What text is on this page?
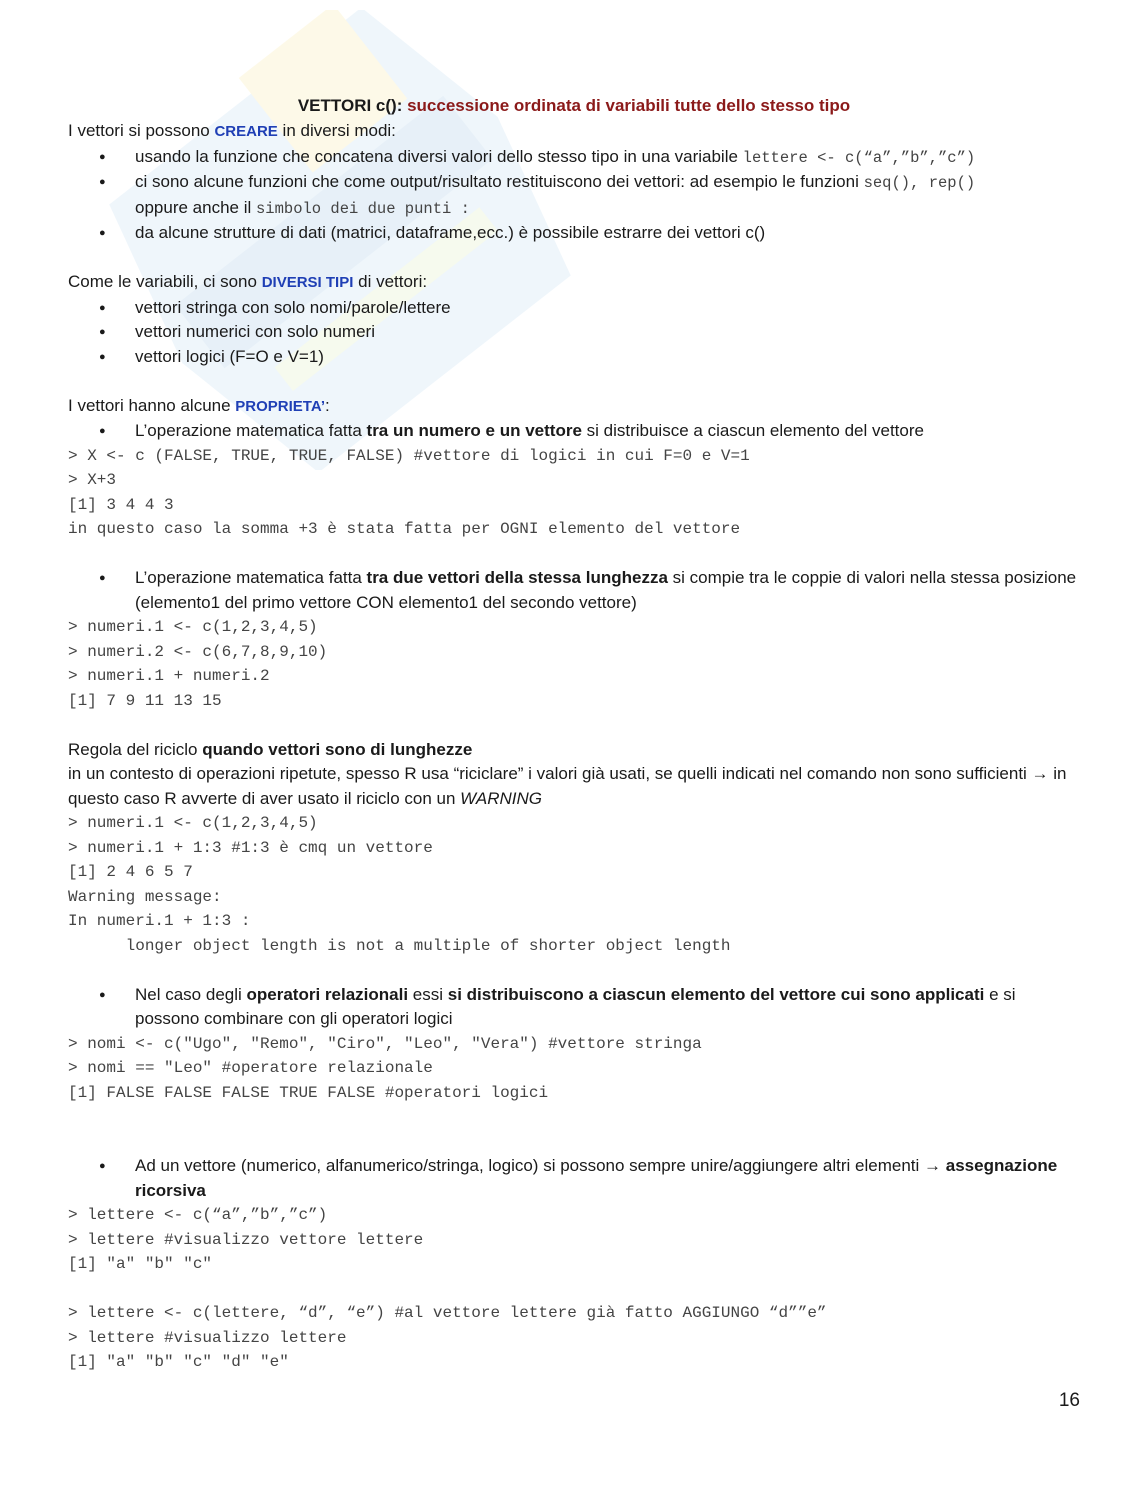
VETTORI c(): successione ordinata di variabili tutte dello stesso tipo

I vettori si possono CREARE in diversi modi:

● usando la funzione che concatena diversi valori dello stesso tipo in una variabile lettere <- c(“a”,”b”,”c”)
● ci sono alcune funzioni che come output/risultato restituiscono dei vettori: ad esempio le funzioni seq(), rep()
oppure anche il simbolo dei due punti :
● da alcune strutture di dati (matrici, dataframe,ecc.) è possibile estrarre dei vettori c()

Come le variabili, ci sono DIVERSI TIPI di vettori:

● vettori stringa con solo nomi/parole/lettere
● vettori numerici con solo numeri
● vettori logici (F=O e V=1)

I vettori hanno alcune PROPRIETA’:

● L’operazione matematica fatta tra un numero e un vettore si distribuisce a ciascun elemento del vettore
> X <- c (FALSE, TRUE, TRUE, FALSE) #vettore di logici in cui F=0 e V=1
> X+3
[1] 3 4 4 3
in questo caso la somma +3 è stata fatta per OGNI elemento del vettore
● L’operazione matematica fatta tra due vettori della stessa lunghezza si compie tra le coppie di valori nella stessa posizione (elemento1 del primo vettore CON elemento1 del secondo vettore)
> numeri.1 <- c(1,2,3,4,5)
> numeri.2 <- c(6,7,8,9,10)
> numeri.1 + numeri.2
[1] 7 9 11 13 15

Regola del riciclo quando vettori sono di lunghezze

in un contesto di operazioni ripetute, spesso R usa “riciclare” i valori già usati, se quelli indicati nel comando non sono sufficienti → in questo caso R avverte di aver usato il riciclo con un WARNING

> numeri.1 <- c(1,2,3,4,5)
> numeri.1 + 1:3 #1:3 è cmq un vettore
[1] 2 4 6 5 7
Warning message:
In numeri.1 + 1:3 :
longer object length is not a multiple of shorter object length
● Nel caso degli operatori relazionali essi si distribuiscono a ciascun elemento del vettore cui sono applicati e si possono combinare con gli operatori logici
> nomi <- c("Ugo", "Remo", "Ciro", "Leo", "Vera") #vettore stringa
> nomi == "Leo" #operatore relazionale
[1] FALSE FALSE FALSE TRUE FALSE #operatori logici
● Ad un vettore (numerico, alfanumerico/stringa, logico) si possono sempre unire/aggiungere altri elementi → assegnazione ricorsiva
> lettere <- c(“a”,”b”,”c”)
> lettere #visualizzo vettore lettere
[1] "a" "b" "c"
> lettere <- c(lettere, “d”, “e”) #al vettore lettere già fatto AGGIUNGO “d””e”
> lettere #visualizzo lettere
[1] "a" "b" "c" "d" "e"
16
